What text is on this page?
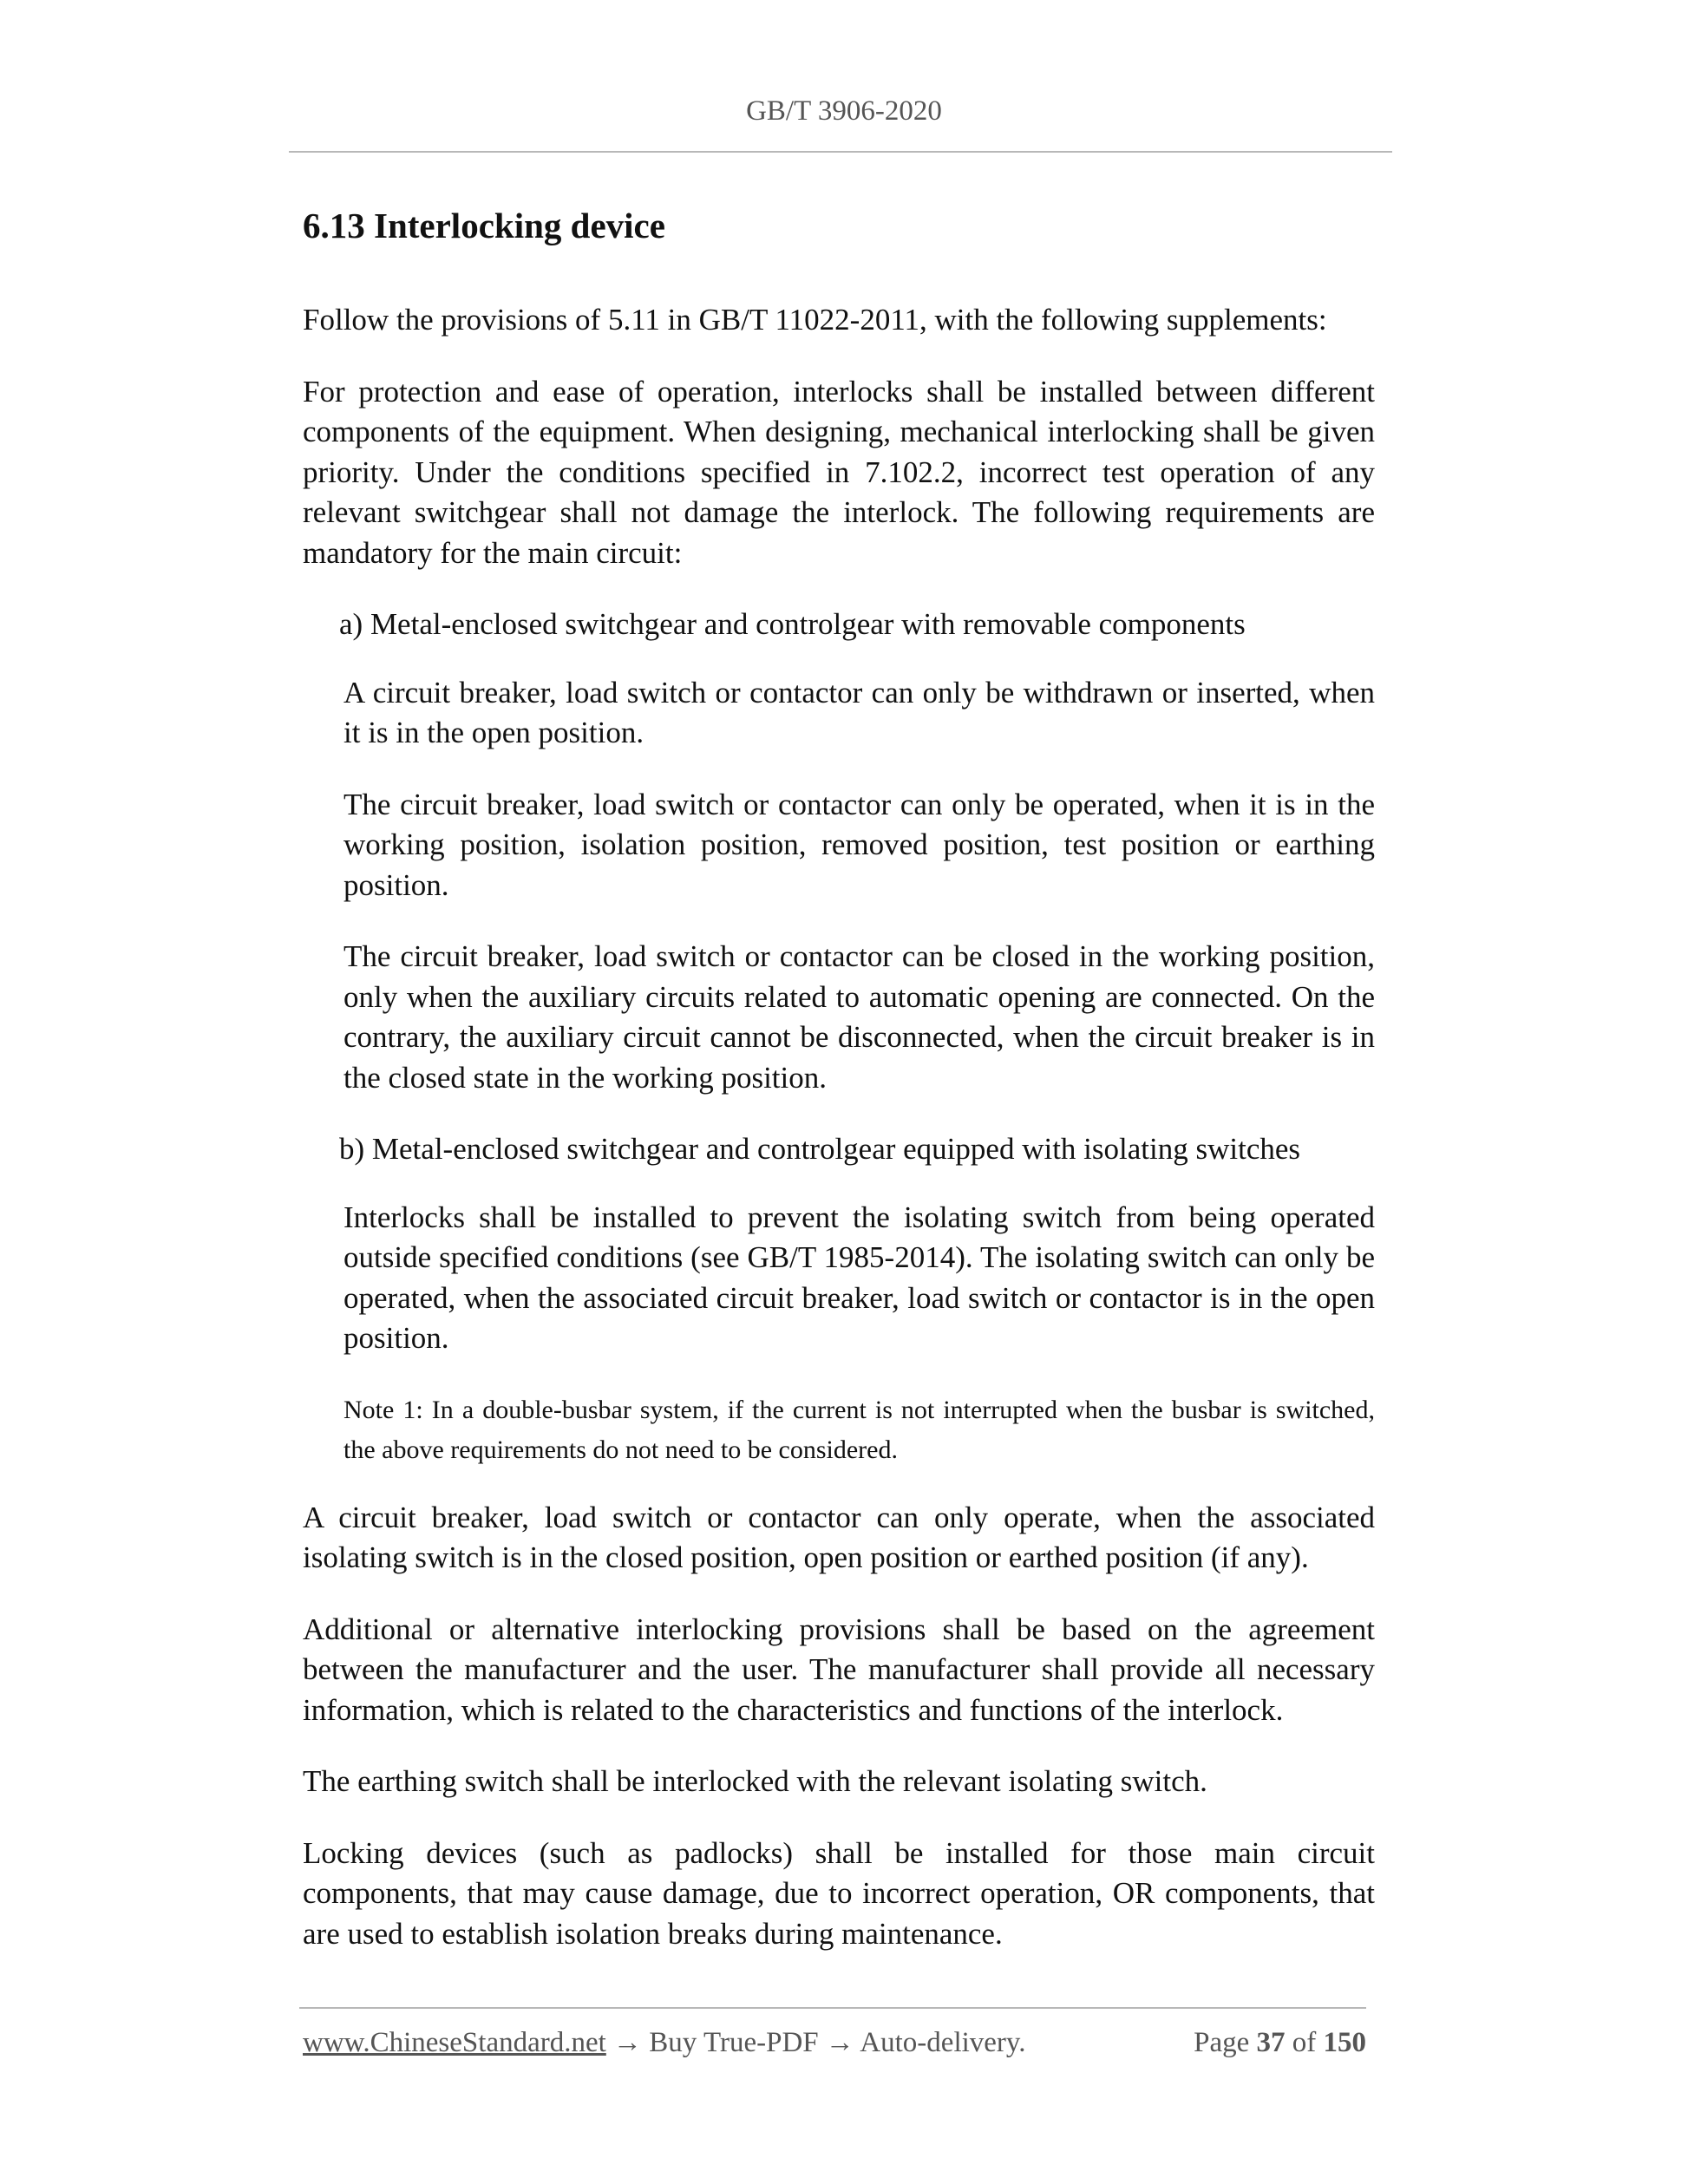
GB/T 3906-2020
6.13 Interlocking device

Follow the provisions of 5.11 in GB/T 11022-2011, with the following supplements:

For protection and ease of operation, interlocks shall be installed between different components of the equipment. When designing, mechanical interlocking shall be given priority. Under the conditions specified in 7.102.2, incorrect test operation of any relevant switchgear shall not damage the interlock. The following requirements are mandatory for the main circuit:

a) Metal-enclosed switchgear and controlgear with removable components

A circuit breaker, load switch or contactor can only be withdrawn or inserted, when it is in the open position.

The circuit breaker, load switch or contactor can only be operated, when it is in the working position, isolation position, removed position, test position or earthing position.

The circuit breaker, load switch or contactor can be closed in the working position, only when the auxiliary circuits related to automatic opening are connected. On the contrary, the auxiliary circuit cannot be disconnected, when the circuit breaker is in the closed state in the working position.

b) Metal-enclosed switchgear and controlgear equipped with isolating switches

Interlocks shall be installed to prevent the isolating switch from being operated outside specified conditions (see GB/T 1985-2014). The isolating switch can only be operated, when the associated circuit breaker, load switch or contactor is in the open position.

Note 1: In a double-busbar system, if the current is not interrupted when the busbar is switched, the above requirements do not need to be considered.

A circuit breaker, load switch or contactor can only operate, when the associated isolating switch is in the closed position, open position or earthed position (if any).

Additional or alternative interlocking provisions shall be based on the agreement between the manufacturer and the user. The manufacturer shall provide all necessary information, which is related to the characteristics and functions of the interlock.

The earthing switch shall be interlocked with the relevant isolating switch.

Locking devices (such as padlocks) shall be installed for those main circuit components, that may cause damage, due to incorrect operation, OR components, that are used to establish isolation breaks during maintenance.

www.ChineseStandard.net → Buy True-PDF → Auto-delivery.	Page 37 of 150
